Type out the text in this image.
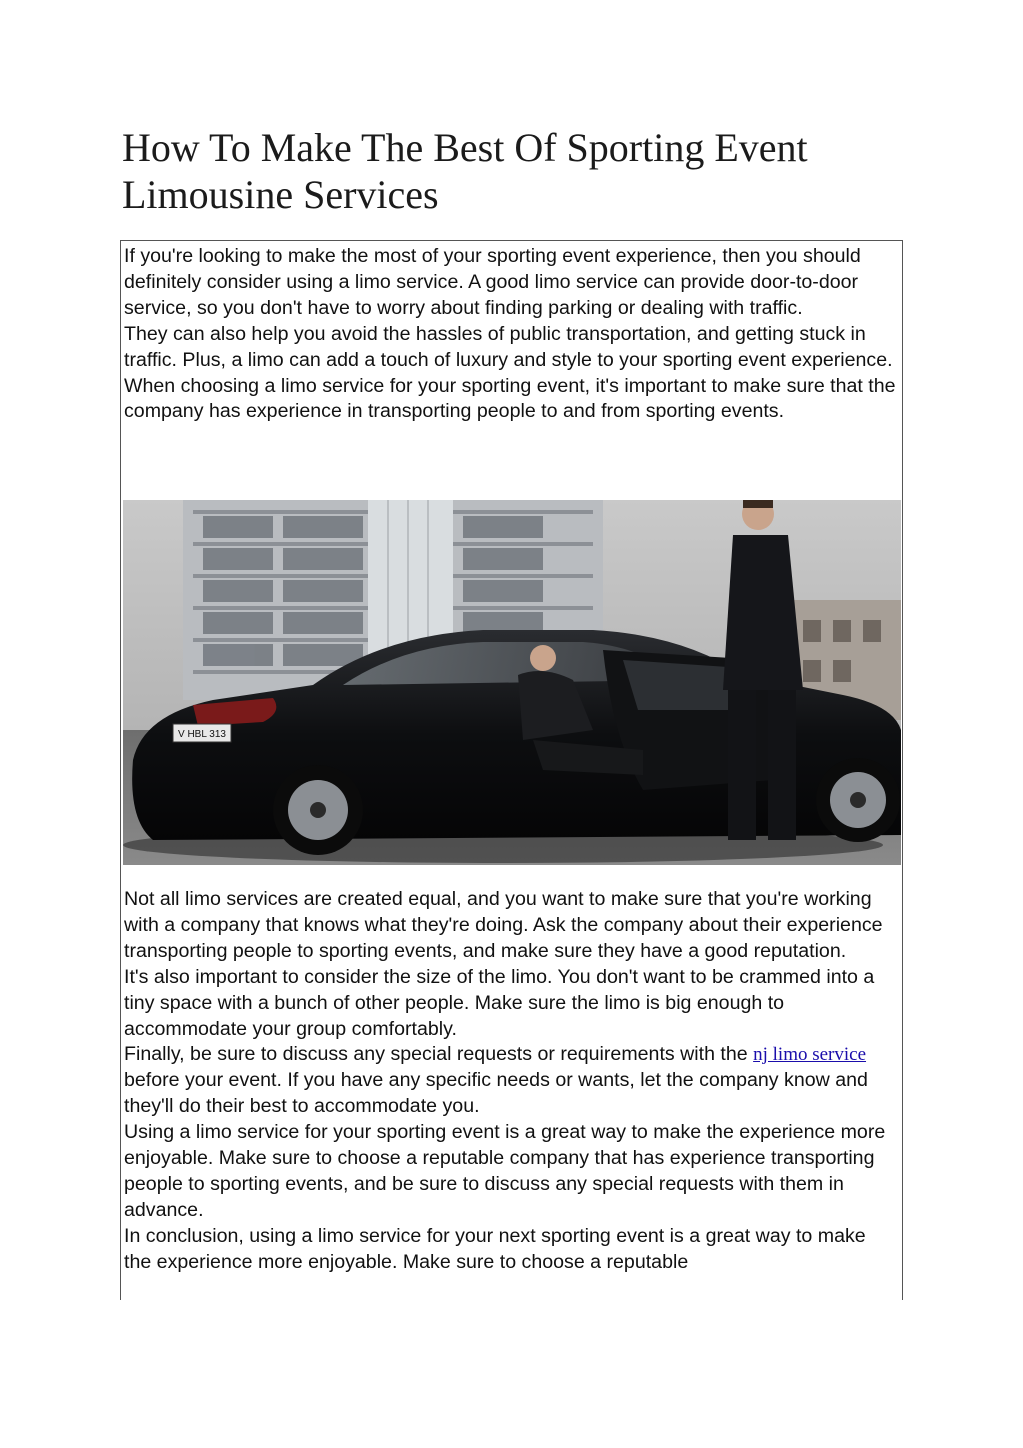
How To Make The Best Of Sporting Event Limousine Services

If you're looking to make the most of your sporting event experience, then you should definitely consider using a limo service. A good limo service can provide door-to-door service, so you don't have to worry about finding parking or dealing with traffic.

They can also help you avoid the hassles of public transportation, and getting stuck in traffic. Plus, a limo can add a touch of luxury and style to your sporting event experience.

When choosing a limo service for your sporting event, it's important to make sure that the company has experience in transporting people to and from sporting events.

V HBL 313

Not all limo services are created equal, and you want to make sure that you're working with a company that knows what they're doing. Ask the company about their experience transporting people to sporting events, and make sure they have a good reputation.

It's also important to consider the size of the limo. You don't want to be crammed into a tiny space with a bunch of other people. Make sure the limo is big enough to accommodate your group comfortably.

Finally, be sure to discuss any special requests or requirements with the nj limo service before your event. If you have any specific needs or wants, let the company know and they'll do their best to accommodate you.

Using a limo service for your sporting event is a great way to make the experience more enjoyable. Make sure to choose a reputable company that has experience transporting people to sporting events, and be sure to discuss any special requests with them in advance.

In conclusion, using a limo service for your next sporting event is a great way to make the experience more enjoyable. Make sure to choose a reputable
